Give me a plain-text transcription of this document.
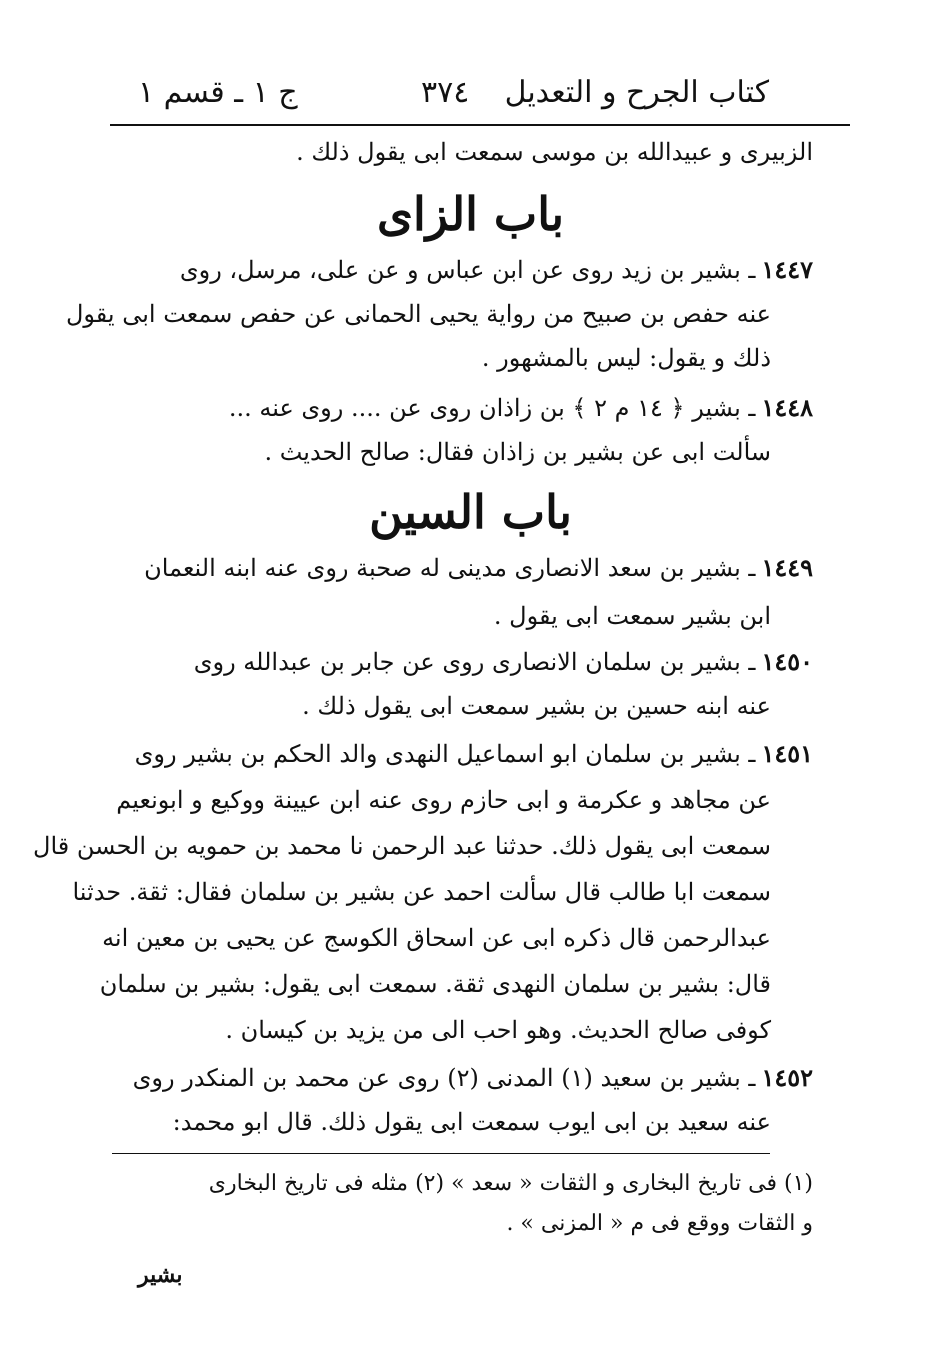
كتاب الجرح و التعديل
٣٧٤
ج ١ ـ قسم ١
الزبيرى و عبيدالله بن موسى سمعت ابى يقول ذلك .
باب الزاى
١٤٤٧ـ بشير بن زيد روى عن ابن عباس و عن على، مرسل، روى
عنه حفص بن صبيح من رواية يحيى الحمانى عن حفص سمعت ابى يقول
ذلك و يقول: ليس بالمشهور .
١٤٤٨ـ بشير ﴿ ١٤ م ٢ ﴾ بن زاذان روى عن .... روى عنه ...
سألت ابى عن بشير بن زاذان فقال: صالح الحديث .
باب السين
١٤٤٩ـ بشير بن سعد الانصارى مدينى له صحبة روى عنه ابنه النعمان
ابن بشير سمعت ابى يقول .
١٤٥٠ـ بشير بن سلمان الانصارى روى عن جابر بن عبدالله روى
عنه ابنه حسين بن بشير سمعت ابى يقول ذلك .
١٤٥١ـ بشير بن سلمان ابو اسماعيل النهدى والد الحكم بن بشير روى
عن مجاهد و عكرمة و ابى حازم روى عنه ابن عيينة ووكيع و ابونعيم
سمعت ابى يقول ذلك. حدثنا عبد الرحمن نا محمد بن حمويه بن الحسن قال
سمعت ابا طالب قال سألت احمد عن بشير بن سلمان فقال: ثقة. حدثنا
عبدالرحمن قال ذكره ابى عن اسحاق الكوسج عن يحيى بن معين انه
قال: بشير بن سلمان النهدى ثقة. سمعت ابى يقول: بشير بن سلمان
كوفى صالح الحديث. وهو احب الى من يزيد بن كيسان .
١٤٥٢ـ بشير بن سعيد (١) المدنى (٢) روى عن محمد بن المنكدر روى
عنه سعيد بن ابى ايوب سمعت ابى يقول ذلك. قال ابو محمد:
(١) فى تاريخ البخارى و الثقات « سعد » (٢) مثله فى تاريخ البخارى
و الثقات ووقع فى م « المزنى » .
بشير
